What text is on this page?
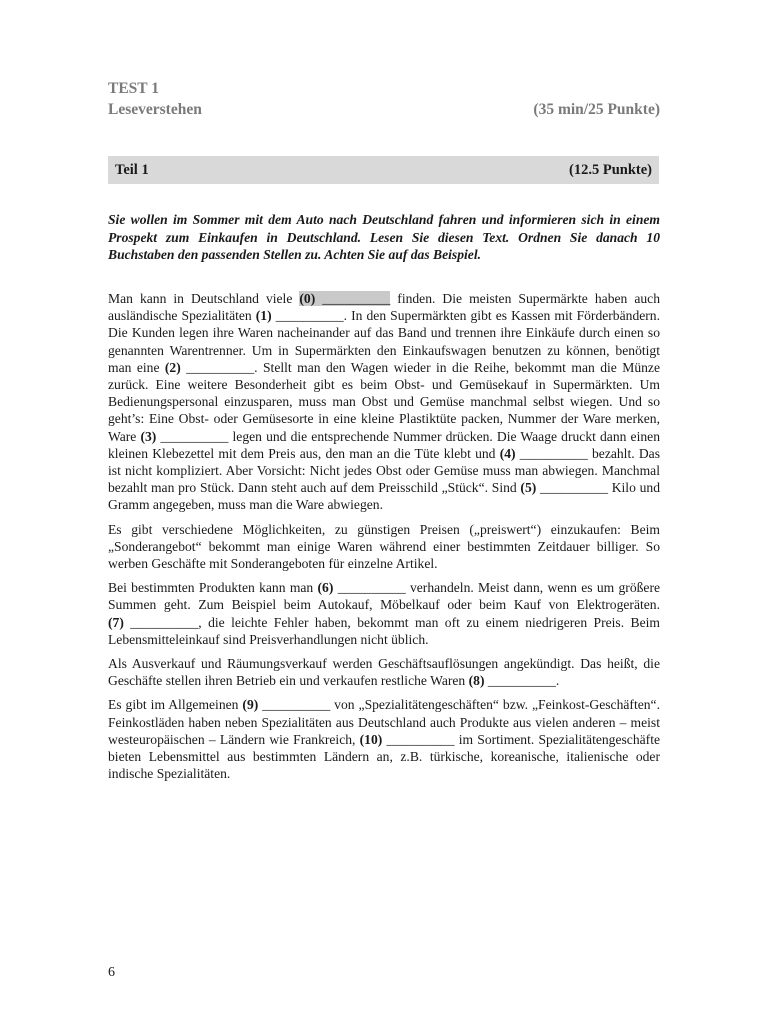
TEST 1
Leseverstehen	(35 min/25 Punkte)
Teil 1	(12.5 Punkte)
Sie wollen im Sommer mit dem Auto nach Deutschland fahren und informieren sich in einem Prospekt zum Einkaufen in Deutschland. Lesen Sie diesen Text. Ordnen Sie danach 10 Buchstaben den passenden Stellen zu. Achten Sie auf das Beispiel.

Man kann in Deutschland viele (0) __________ finden. Die meisten Supermärkte haben auch ausländische Spezialitäten (1) __________. In den Supermärkten gibt es Kassen mit Förderbändern. Die Kunden legen ihre Waren nacheinander auf das Band und trennen ihre Einkäufe durch einen so genannten Warentrenner. Um in Supermärkten den Einkaufswagen benutzen zu können, benötigt man eine (2) __________. Stellt man den Wagen wieder in die Reihe, bekommt man die Münze zurück. Eine weitere Besonderheit gibt es beim Obst- und Gemüsekauf in Supermärkten. Um Bedienungspersonal einzusparen, muss man Obst und Gemüse manchmal selbst wiegen. Und so geht’s: Eine Obst- oder Gemüsesorte in eine kleine Plastiktüte packen, Nummer der Ware merken, Ware (3) __________ legen und die entsprechende Nummer drücken. Die Waage druckt dann einen kleinen Klebezettel mit dem Preis aus, den man an die Tüte klebt und (4) __________ bezahlt. Das ist nicht kompliziert. Aber Vorsicht: Nicht jedes Obst oder Gemüse muss man abwiegen. Manchmal bezahlt man pro Stück. Dann steht auch auf dem Preisschild „Stück“. Sind (5) __________ Kilo und Gramm angegeben, muss man die Ware abwiegen.

Es gibt verschiedene Möglichkeiten, zu günstigen Preisen („preiswert“) einzukaufen: Beim „Sonderangebot“ bekommt man einige Waren während einer bestimmten Zeitdauer billiger. So werben Geschäfte mit Sonderangeboten für einzelne Artikel.

Bei bestimmten Produkten kann man (6) __________ verhandeln. Meist dann, wenn es um größere Summen geht. Zum Beispiel beim Autokauf, Möbelkauf oder beim Kauf von Elektrogeräten. (7) __________, die leichte Fehler haben, bekommt man oft zu einem niedrigeren Preis. Beim Lebensmitteleinkauf sind Preisverhandlungen nicht üblich.

Als Ausverkauf und Räumungsverkauf werden Geschäftsauflösungen angekündigt. Das heißt, die Geschäfte stellen ihren Betrieb ein und verkaufen restliche Waren (8) __________.

Es gibt im Allgemeinen (9) __________ von „Spezialitätengeschäften“ bzw. „Feinkost-Geschäften“. Feinkostläden haben neben Spezialitäten aus Deutschland auch Produkte aus vielen anderen – meist westeuropäischen – Ländern wie Frankreich, (10) __________ im Sortiment. Spezialitätengeschäfte bieten Lebensmittel aus bestimmten Ländern an, z.B. türkische, koreanische, italienische oder indische Spezialitäten.

6
